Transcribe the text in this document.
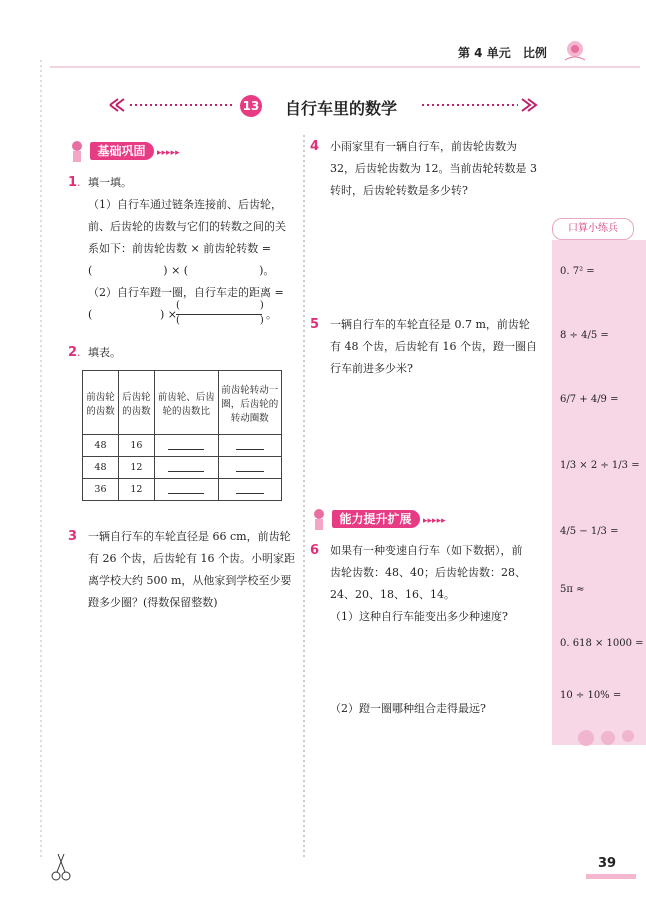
第 4 单元 比例
13 自行车里的数学
基础巩固 ▸▸▸▸▸
1. 填一填。
（1）自行车通过链条连接前、后齿轮，
前、后齿轮的齿数与它们的转数之间的关
系如下：前齿轮齿数 × 前齿轮转数 =
(	) × (	)。
（2）自行车蹬一圈，自行车走的距离 =
(	) ×
(	)
(	) 。
2. 填表。
前齿轮的齿数	后齿轮的齿数	前齿轮、后齿轮的齿数比	前齿轮转动一圈，后齿轮的转动圈数
48	16		
48	12		
36	12		
3 一辆自行车的车轮直径是 66 cm，前齿轮
有 26 个齿，后齿轮有 16 个齿。小明家距
离学校大约 500 m，从他家到学校至少要
蹬多少圈？(得数保留整数)
4 小雨家里有一辆自行车，前齿轮齿数为
32，后齿轮齿数为 12。当前齿轮转数是 3
转时，后齿轮转数是多少转?
5 一辆自行车的车轮直径是 0.7 m，前齿轮
有 48 个齿，后齿轮有 16 个齿，蹬一圈自
行车前进多少米?
能力提升扩展 ▸▸▸▸▸
6 如果有一种变速自行车（如下数据），前
齿轮齿数：48、40；后齿轮齿数：28、
24、20、18、16、14。
（1）这种自行车能变出多少种速度?
（2）蹬一圈哪种组合走得最远?
口算小练兵
0. 7² =
8 ÷ 4/5 =
6/7 + 4/9 =
1/3 × 2 ÷ 1/3 =
4/5 − 1/3 =
5π ≈
0. 618 × 1000 =
10 ÷ 10% =
39
